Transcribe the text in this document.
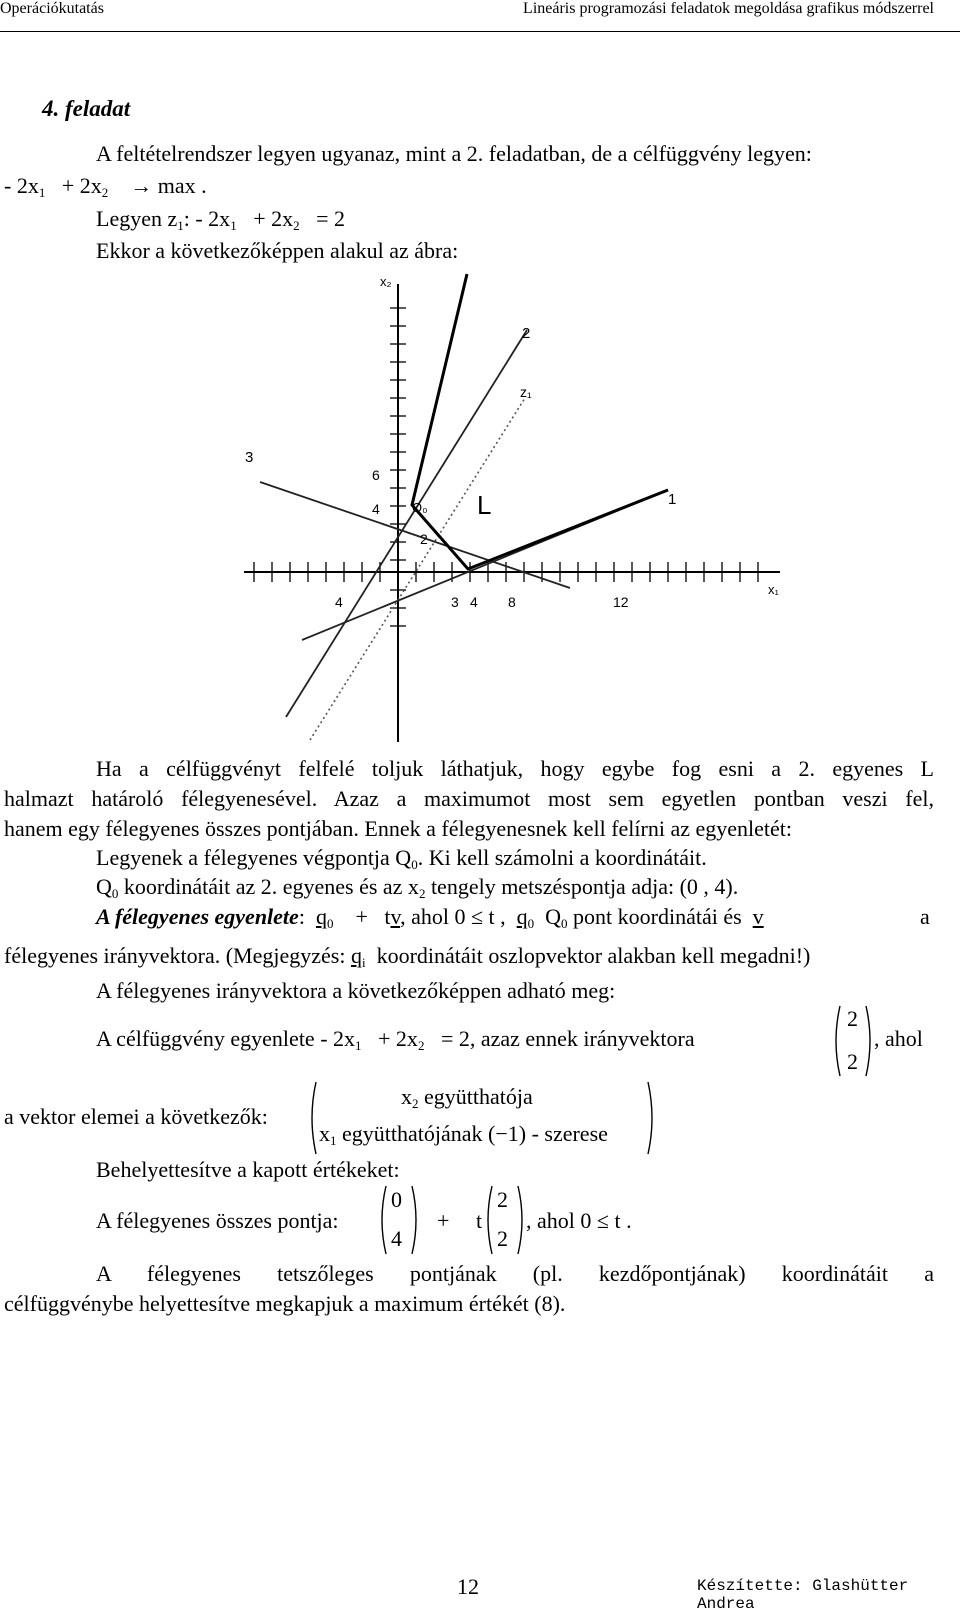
Operációkutatás	Lineáris programozási feladatok megoldása grafikus módszerrel
4. feladat
A feltételrendszer legyen ugyanaz, mint a 2. feladatban, de a célfüggvény legyen:
- $2x_1 + 2x_2 \to \max$ .
Legyen $z_1$: - $2x_1 + 2x_2 = 2$
Ekkor a következőképpen alakul az ábra:
x₂
x₁
2
z₁
3
1
L
Q₀
6
4
2
4	3 4 8	12
Ha a célfüggvényt felfelé toljuk láthatjuk, hogy egybe fog esni a 2. egyenes L
halmazt határoló félegyenesével. Azaz a maximumot most sem egyetlen pontban veszi fel,
hanem egy félegyenes összes pontjában. Ennek a félegyenesnek kell felírni az egyenletét:
Legyenek a félegyenes végpontja $Q_0$. Ki kell számolni a koordinátáit.
$Q_0$ koordinátáit az 2. egyenes és az $x_2$ tengely metszéspontja adja: (0 , 4).
A félegyenes egyenlete: $q_0$ + tv, ahol 0 ≤ t , $q_0$ $Q_0$ pont koordinátái és v	a
félegyenes irányvektora. (Megjegyzés: $q_i$ koordinátáit oszlopvektor alakban kell megadni!)
A félegyenes irányvektora a következőképpen adható meg:
A célfüggvény egyenlete - $2x_1 + 2x_2 = 2$, azaz ennek irányvektora
2
2
, ahol
a vektor elemei a következők:
$x_2$ együtthatója
$x_1$ együtthatójának (−1) - szerese
Behelyettesítve a kapott értékeket:
A félegyenes összes pontja:
0
4
+ t
2
2
, ahol 0 ≤ t .
A félegyenes tetszőleges pontjának (pl. kezdőpontjának) koordinátáit a
célfüggvénybe helyettesítve megkapjuk a maximum értékét (8).
12	Készítette: Glashütter Andrea
